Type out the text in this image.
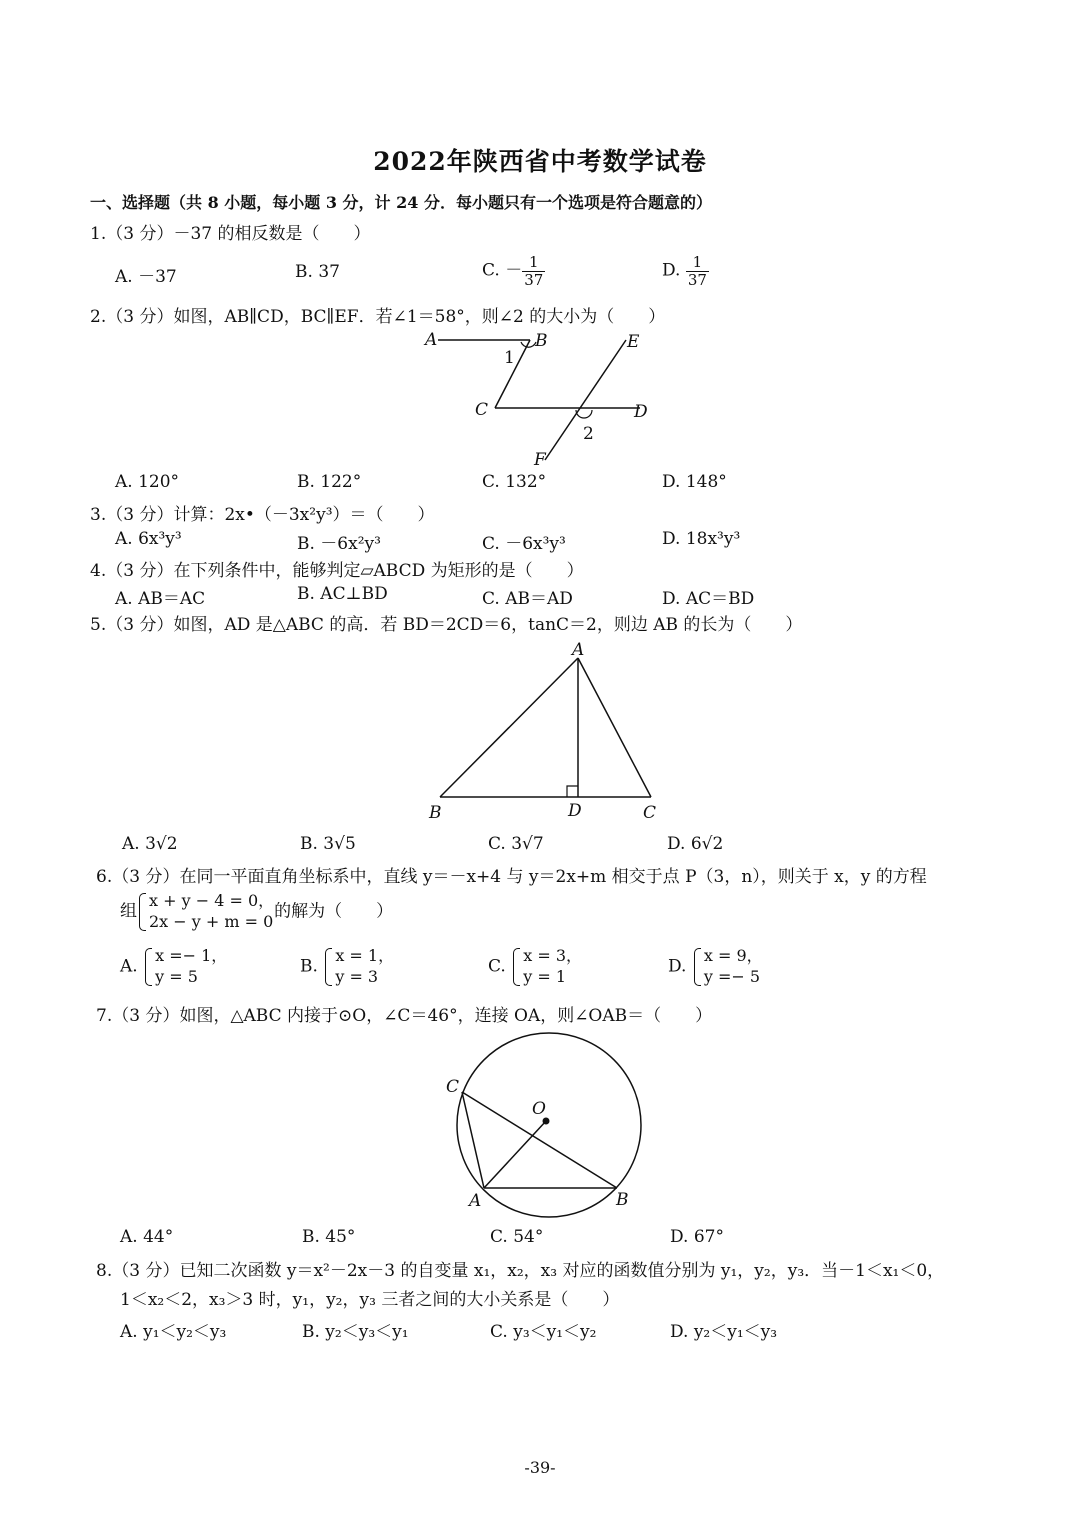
2022年陕西省中考数学试卷
一、选择题（共 8 小题，每小题 3 分，计 24 分．每小题只有一个选项是符合题意的）
1.（3 分）－37 的相反数是（　　）
A. －37	B. 37	C. － $\frac{1}{37}$	D. $\frac{1}{37}$
2.（3 分）如图，AB∥CD，BC∥EF．若∠1＝58°，则∠2 的大小为（　　）
A	B	E
1
C	D
2
F
A. 120°	B. 122°	C. 132°	D. 148°
3.（3 分）计算：2x•（－3x²y³）＝（　　）
A. 6x³y³	B. －6x²y³	C. －6x³y³	D. 18x³y³
4.（3 分）在下列条件中，能够判定▱ABCD 为矩形的是（　　）
A. AB＝AC	B. AC⊥BD	C. AB＝AD	D. AC＝BD
5.（3 分）如图，AD 是△ABC 的高．若 BD＝2CD＝6，tanC＝2，则边 AB 的长为（　　）
A
B	D	C
A. 3√2	B. 3√5	C. 3√7	D. 6√2
6.（3 分）在同一平面直角坐标系中，直线 y＝－x+4 与 y＝2x+m 相交于点 P（3，n），则关于 x，y 的方程
组
x + y − 4 = 0，
2x − y + m = 0 的解为（　　）
A.
x =− 1，
y = 5	B.
x = 1，
y = 3	C.
x = 3，
y = 1	D.
x = 9，
y =− 5
7.（3 分）如图，△ABC 内接于⊙O，∠C＝46°，连接 OA，则∠OAB＝（　　）
C
O
A	B
A. 44°	B. 45°	C. 54°	D. 67°
8.（3 分）已知二次函数 y＝x²－2x－3 的自变量 x₁，x₂，x₃ 对应的函数值分别为 y₁，y₂，y₃．当－1＜x₁＜0，
1＜x₂＜2，x₃＞3 时，y₁，y₂，y₃ 三者之间的大小关系是（　　）
A. y₁＜y₂＜y₃	B. y₂＜y₃＜y₁	C. y₃＜y₁＜y₂	D. y₂＜y₁＜y₃
-39-
